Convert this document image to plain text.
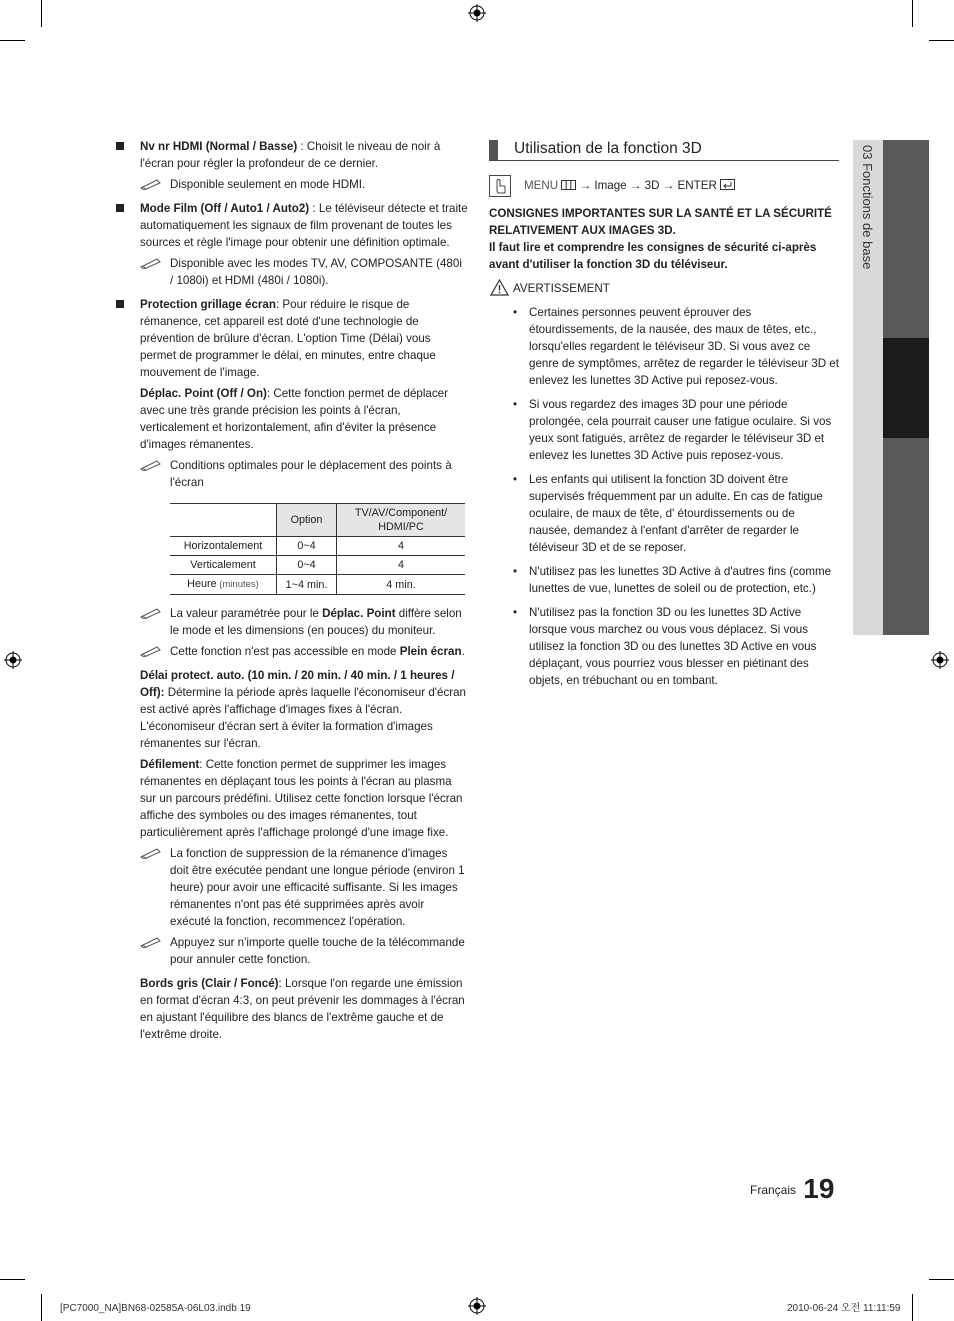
Nv nr HDMI (Normal / Basse) : Choisit le niveau de noir à l'écran pour régler la profondeur de ce dernier.
Disponible seulement en mode HDMI.
Mode Film (Off / Auto1 / Auto2) : Le téléviseur détecte et traite automatiquement les signaux de film provenant de toutes les sources et règle l'image pour obtenir une définition optimale.
Disponible avec les modes TV, AV, COMPOSANTE (480i / 1080i) et HDMI (480i / 1080i).
Protection grillage écran: Pour réduire le risque de rémanence, cet appareil est doté d'une technologie de prévention de brûlure d'écran. L'option Time (Délai) vous permet de programmer le délai, en minutes, entre chaque mouvement de l'image.
Déplac. Point (Off / On): Cette fonction permet de déplacer avec une très grande précision les points à l'écran, verticalement et horizontalement, afin d'éviter la présence d'images rémanentes.
Conditions optimales pour le déplacement des points à l'écran
	Option	TV/AV/Component/ HDMI/PC
Horizontalement	0~4	4
Verticalement	0~4	4
Heure (minutes)	1~4 min.	4 min.
La valeur paramétrée pour le Déplac. Point diffère selon le mode et les dimensions (en pouces) du moniteur.
Cette fonction n'est pas accessible en mode Plein écran.
Délai protect. auto. (10 min. / 20 min. / 40 min. / 1 heures / Off): Détermine la période après laquelle l'économiseur d'écran est activé après l'affichage d'images fixes à l'écran. L'économiseur d'écran sert à éviter la formation d'images rémanentes sur l'écran.
Défilement: Cette fonction permet de supprimer les images rémanentes en déplaçant tous les points à l'écran au plasma sur un parcours prédéfini. Utilisez cette fonction lorsque l'écran affiche des symboles ou des images rémanentes, tout particulièrement après l'affichage prolongé d'une image fixe.
La fonction de suppression de la rémanence d'images doit être exécutée pendant une longue période (environ 1 heure) pour avoir une efficacité suffisante. Si les images rémanentes n'ont pas été supprimées après avoir exécuté la fonction, recommencez l'opération.
Appuyez sur n'importe quelle touche de la télécommande pour annuler cette fonction.
Bords gris (Clair / Foncé): Lorsque l'on regarde une émission en format d'écran 4:3, on peut prévenir les dommages à l'écran en ajustant l'équilibre des blancs de l'extrême gauche et de l'extrême droite.
Utilisation de la fonction 3D
MENU  → Image → 3D → ENTER
CONSIGNES IMPORTANTES SUR LA SANTÉ ET LA SÉCURITÉ RELATIVEMENT AUX IMAGES 3D.
Il faut lire et comprendre les consignes de sécurité ci-après avant d'utiliser la fonction 3D du téléviseur.
AVERTISSEMENT
• Certaines personnes peuvent éprouver des étourdissements, de la nausée, des maux de têtes, etc., lorsqu'elles regardent le téléviseur 3D. Si vous avez ce genre de symptômes, arrêtez de regarder le téléviseur 3D et enlevez les lunettes 3D Active pui reposez-vous.
• Si vous regardez des images 3D pour une période prolongée, cela pourrait causer une fatigue oculaire. Si vos yeux sont fatigués, arrêtez de regarder le téléviseur 3D et enlevez les lunettes 3D Active puis reposez-vous.
• Les enfants qui utilisent la fonction 3D doivent être supervisés fréquemment par un adulte. En cas de fatigue oculaire, de maux de tête, d' étourdissements ou de nausée, demandez à l'enfant d'arrêter de regarder le téléviseur 3D et de se reposer.
• N'utilisez pas les lunettes 3D Active à d'autres fins (comme lunettes de vue, lunettes de soleil ou de protection, etc.)
• N'utilisez pas la fonction 3D ou les lunettes 3D Active lorsque vous marchez ou vous vous déplacez. Si vous utilisez la fonction 3D ou des lunettes 3D Active en vous déplaçant, vous pourriez vous blesser en piétinant des objets, en trébuchant ou en tombant.
03 Fonctions de base
Français 19
[PC7000_NA]BN68-02585A-06L03.indb 19	2010-06-24 오전 11:11:59
